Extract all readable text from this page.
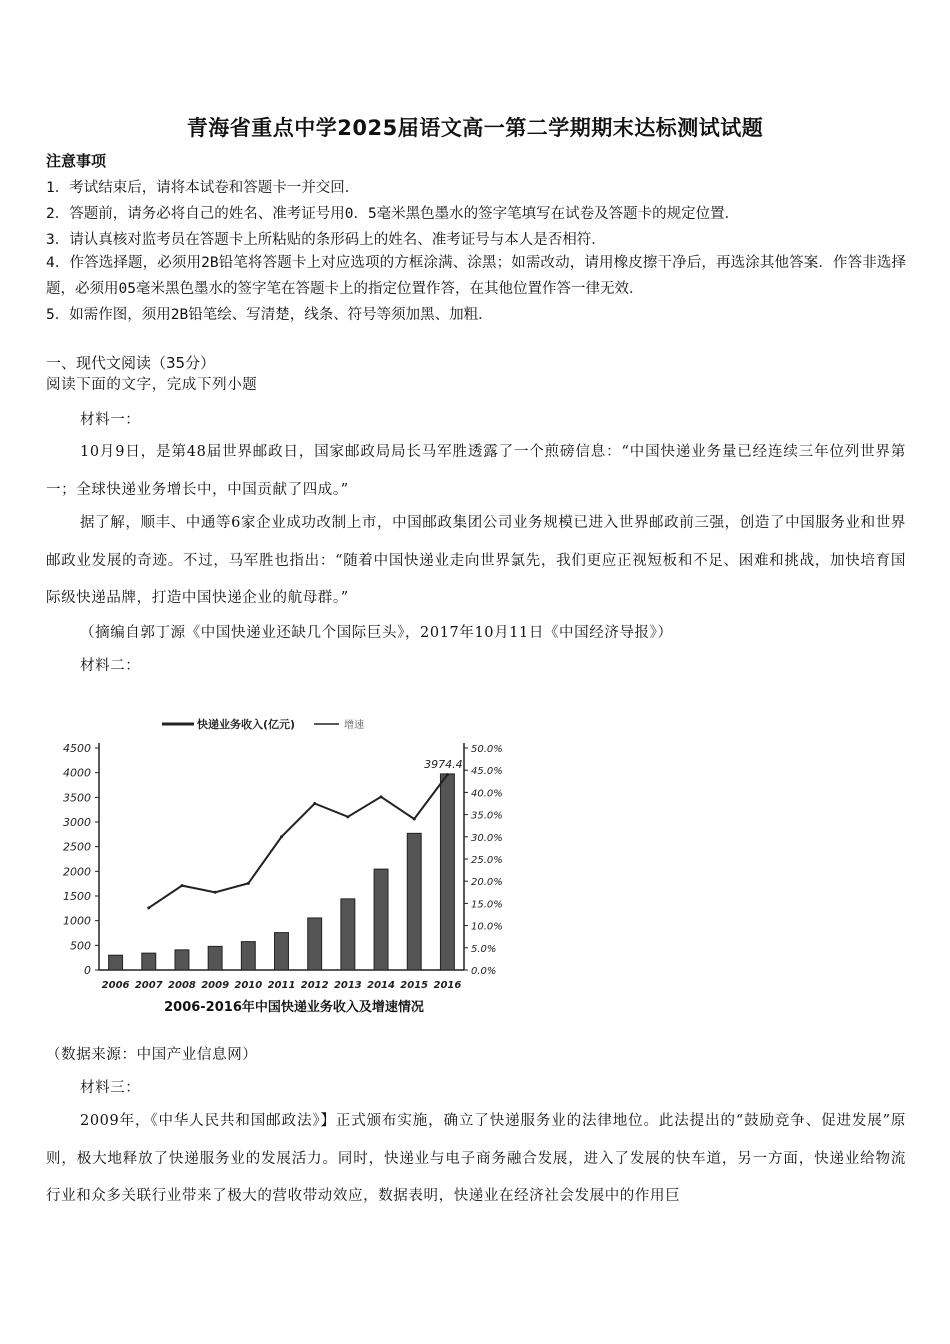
青海省重点中学2025届语文高一第二学期期末达标测试试题
注意事项
1．考试结束后，请将本试卷和答题卡一并交回．
2．答题前，请务必将自己的姓名、准考证号用0．5毫米黑色墨水的签字笔填写在试卷及答题卡的规定位置．
3．请认真核对监考员在答题卡上所粘贴的条形码上的姓名、准考证号与本人是否相符．
4．作答选择题，必须用2B铅笔将答题卡上对应选项的方框涂满、涂黑；如需改动，请用橡皮擦干净后，再选涂其他答案．作答非选择题，必须用05毫米黑色墨水的签字笔在答题卡上的指定位置作答，在其他位置作答一律无效．
5．如需作图，须用2B铅笔绘、写清楚，线条、符号等须加黑、加粗．
一、现代文阅读（35分）
阅读下面的文字，完成下列小题
材料一：

10月9日，是第48届世界邮政日，国家邮政局局长马军胜透露了一个煎磅信息：“中国快递业务量已经连续三年位列世界第一；全球快递业务增长中，中国贡献了四成。”

据了解，顺丰、中通等6家企业成功改制上市，中国邮政集团公司业务规模已进入世界邮政前三强，创造了中国服务业和世界邮政业发展的奇迹。不过，马军胜也指出：“随着中国快递业走向世界氯先，我们更应正视短板和不足、困难和挑战，加快培育国际级快递品牌，打造中国快递企业的航母群。”

（摘编自郭丁源《中国快递业还缺几个国际巨头》，2017年10月11日《中国经济导报》）
材料二：
0
500
1000
1500
2000
2500
3000
3500
4000
4500
0.0%
5.0%
10.0%
15.0%
20.0%
25.0%
30.0%
35.0%
40.0%
45.0%
50.0%
2006 2007 2008 2009 2010 2011 2012 2013 2014 2015 2016
3974.4
快递业务收入(亿元)	增速
2006-2016年中国快递业务收入及增速情况
（数据来源：中国产业信息网）
材料三：

2009年，《中华人民共和国邮政法》】正式颁布实施，确立了快递服务业的法律地位。此法提出的“鼓励竞争、促进发展”原则，极大地释放了快递服务业的发展活力。同时，快递业与电子商务融合发展，进入了发展的快车道，另一方面，快递业给物流行业和众多关联行业带来了极大的营收带动效应，数据表明，快递业在经济社会发展中的作用巨
